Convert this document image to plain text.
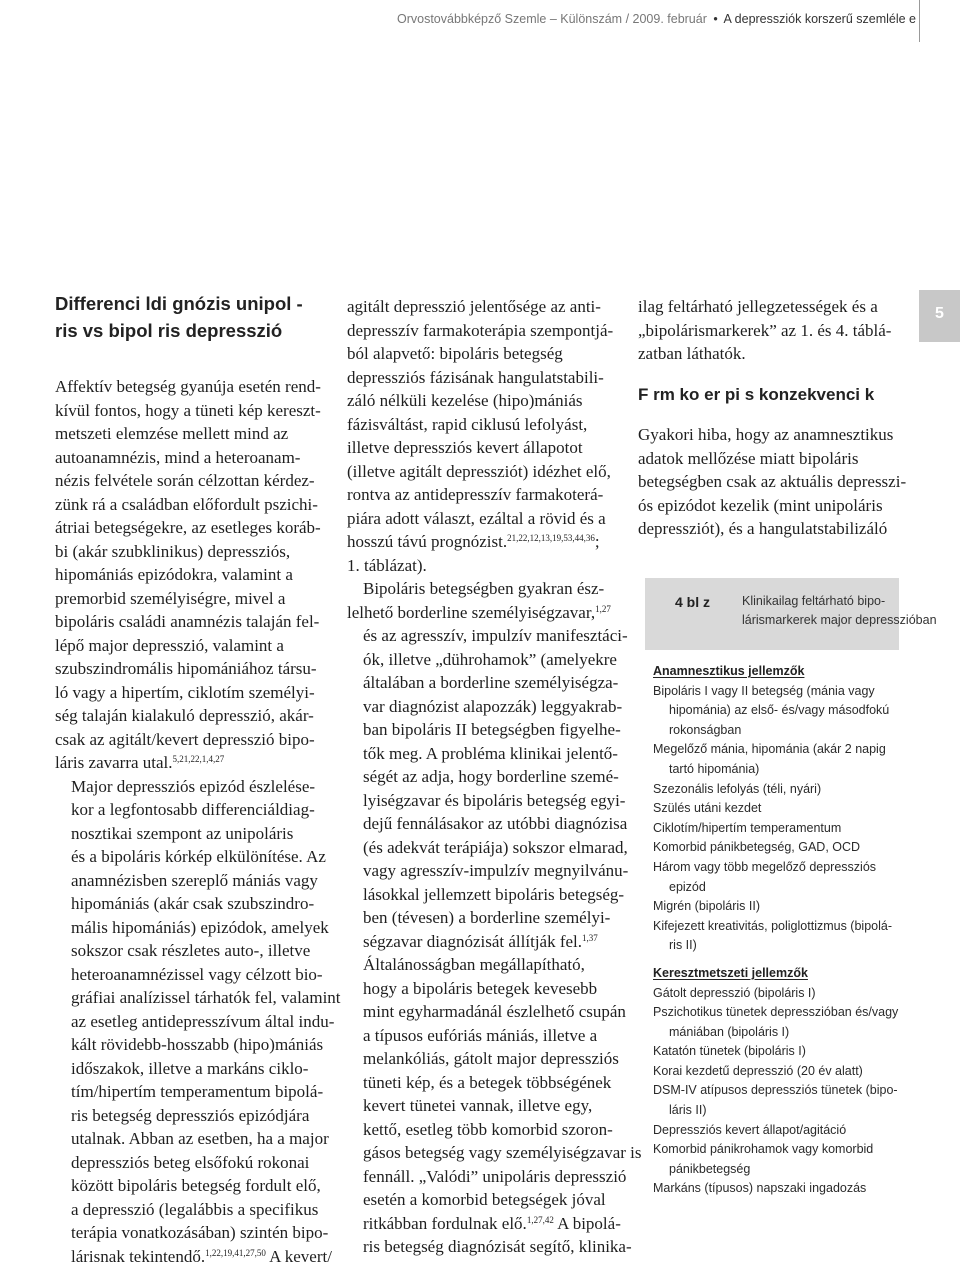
Orvostovábbképző Szemle – Különszám / 2009. február • A depressziók korszerű szemléle e
5
Differenci ldi gnózis unipol -
ris vs bipol ris depresszió

Affektív betegség gyanúja esetén rend-
kívül fontos, hogy a tüneti kép kereszt-
metszeti elemzése mellett mind az
autoanamnézis, mind a heteroanam-
nézis felvétele során célzottan kérdez-
zünk rá a családban előfordult pszichi-
átriai betegségekre, az esetleges koráb-
bi (akár szubklinikus) depressziós,
hipomániás epizódokra, valamint a
premorbid személyiségre, mivel a
bipoláris családi anamnézis talaján fel-
lépő major depresszió, valamint a
szubszindromális hipomániához társu-
ló vagy a hipertím, ciklotím személyi-
ség talaján kialakuló depresszió, akár-
csak az agitált/kevert depresszió bipo-
láris zavarra utal.$^{5,21,22,1,4,27}$

Major depressziós epizód észlelése-
kor a legfontosabb differenciáldiag-
nosztikai szempont az unipoláris
és a bipoláris kórkép elkülönítése. Az
anamnézisben szereplő mániás vagy
hipomániás (akár csak szubszindro-
mális hipomániás) epizódok, amelyek
sokszor csak részletes auto-, illetve
heteroanamnézissel vagy célzott bio-
gráfiai analízissel tárhatók fel, valamint
az esetleg antidepresszívum által indu-
kált rövidebb-hosszabb (hipo)mániás
időszakok, illetve a markáns ciklo-
tím/hipertím temperamentum bipolá-
ris betegség depressziós epizódjára
utalnak. Abban az esetben, ha a major
depressziós beteg elsőfokú rokonai
között bipoláris betegség fordult elő,
a depresszió (legalábbis a specifikus
terápia vonatkozásában) szintén bipo-
lárisnak tekintendő.$^{1,22,19,41,27,50}$ A kevert/

agitált depresszió jelentősége az anti-
depresszív farmakoterápia szempontjá-
ból alapvető: bipoláris betegség
depressziós fázisának hangulatstabili-
záló nélküli kezelése (hipo)mániás
fázisváltást, rapid ciklusú lefolyást,
illetve depressziós kevert állapotot
(illetve agitált depressziót) idézhet elő,
rontva az antidepresszív farmakoterá-
piára adott választ, ezáltal a rövid és a
hosszú távú prognózist.$^{21,22,12,13,19,53,44,36}$;
1. táblázat).

Bipoláris betegségben gyakran ész-
lelhető borderline személyiségzavar,$^{1,27}$
és az agresszív, impulzív manifesztáci-
ók, illetve „dührohamok” (amelyekre
általában a borderline személyiségza-
var diagnózist alapozzák) leggyakrab-
ban bipoláris II betegségben figyelhe-
tők meg. A probléma klinikai jelentő-
ségét az adja, hogy borderline szemé-
lyiségzavar és bipoláris betegség egyi-
dejű fennálásakor az utóbbi diagnózisa
(és adekvát terápiája) sokszor elmarad,
vagy agresszív-impulzív megnyilvánu-
lásokkal jellemzett bipoláris betegség-
ben (tévesen) a borderline személyi-
ségzavar diagnózisát állítják fel.$^{1,37}$

Általánosságban megállapítható,
hogy a bipoláris betegek kevesebb
mint egyharmadánál észlelhető csupán
a típusos eufóriás mániás, illetve a
melankóliás, gátolt major depressziós
tüneti kép, és a betegek többségének
kevert tünetei vannak, illetve egy,
kettő, esetleg több komorbid szoron-
gásos betegség vagy személyiségzavar is
fennáll. „Valódi” unipoláris depresszió
esetén a komorbid betegségek jóval
ritkábban fordulnak elő.$^{1,27,42}$ A bipolá-
ris betegség diagnózisát segítő, klinika-

ilag feltárható jellegzetességek és a
„bipolárismarkerek” az 1. és 4. táblá-
zatban láthatók.

F rm ko er pi s konzekvenci k

Gyakori hiba, hogy az anamnesztikus
adatok mellőzése miatt bipoláris
betegségben csak az aktuális depresszi-
ós epizódot kezelik (mint unipoláris
depressziót), és a hangulatstabilizáló

4 bl z	Klinikailag feltárható bipo-
lárismarkerek major depresszióban
Anamnesztikus jellemzők
Bipoláris I vagy II betegség (mánia vagy
hipománia) az első- és/vagy másodfokú
rokonságban
Megelőző mánia, hipománia (akár 2 napig
tartó hipománia)
Szezonális lefolyás (téli, nyári)
Szülés utáni kezdet
Ciklotím/hipertím temperamentum
Komorbid pánikbetegség, GAD, OCD
Három vagy több megelőző depressziós
epizód
Migrén (bipoláris II)
Kifejezett kreativitás, poliglottizmus (bipolá-
ris II)
Keresztmetszeti jellemzők
Gátolt depresszió (bipoláris I)
Pszichotikus tünetek depresszióban és/vagy
mániában (bipoláris I)
Katatón tünetek (bipoláris I)
Korai kezdetű depresszió (20 év alatt)
DSM-IV atípusos depressziós tünetek (bipo-
láris II)
Depressziós kevert állapot/agitáció
Komorbid pánikrohamok vagy komorbid
pánikbetegség
Markáns (típusos) napszaki ingadozás
